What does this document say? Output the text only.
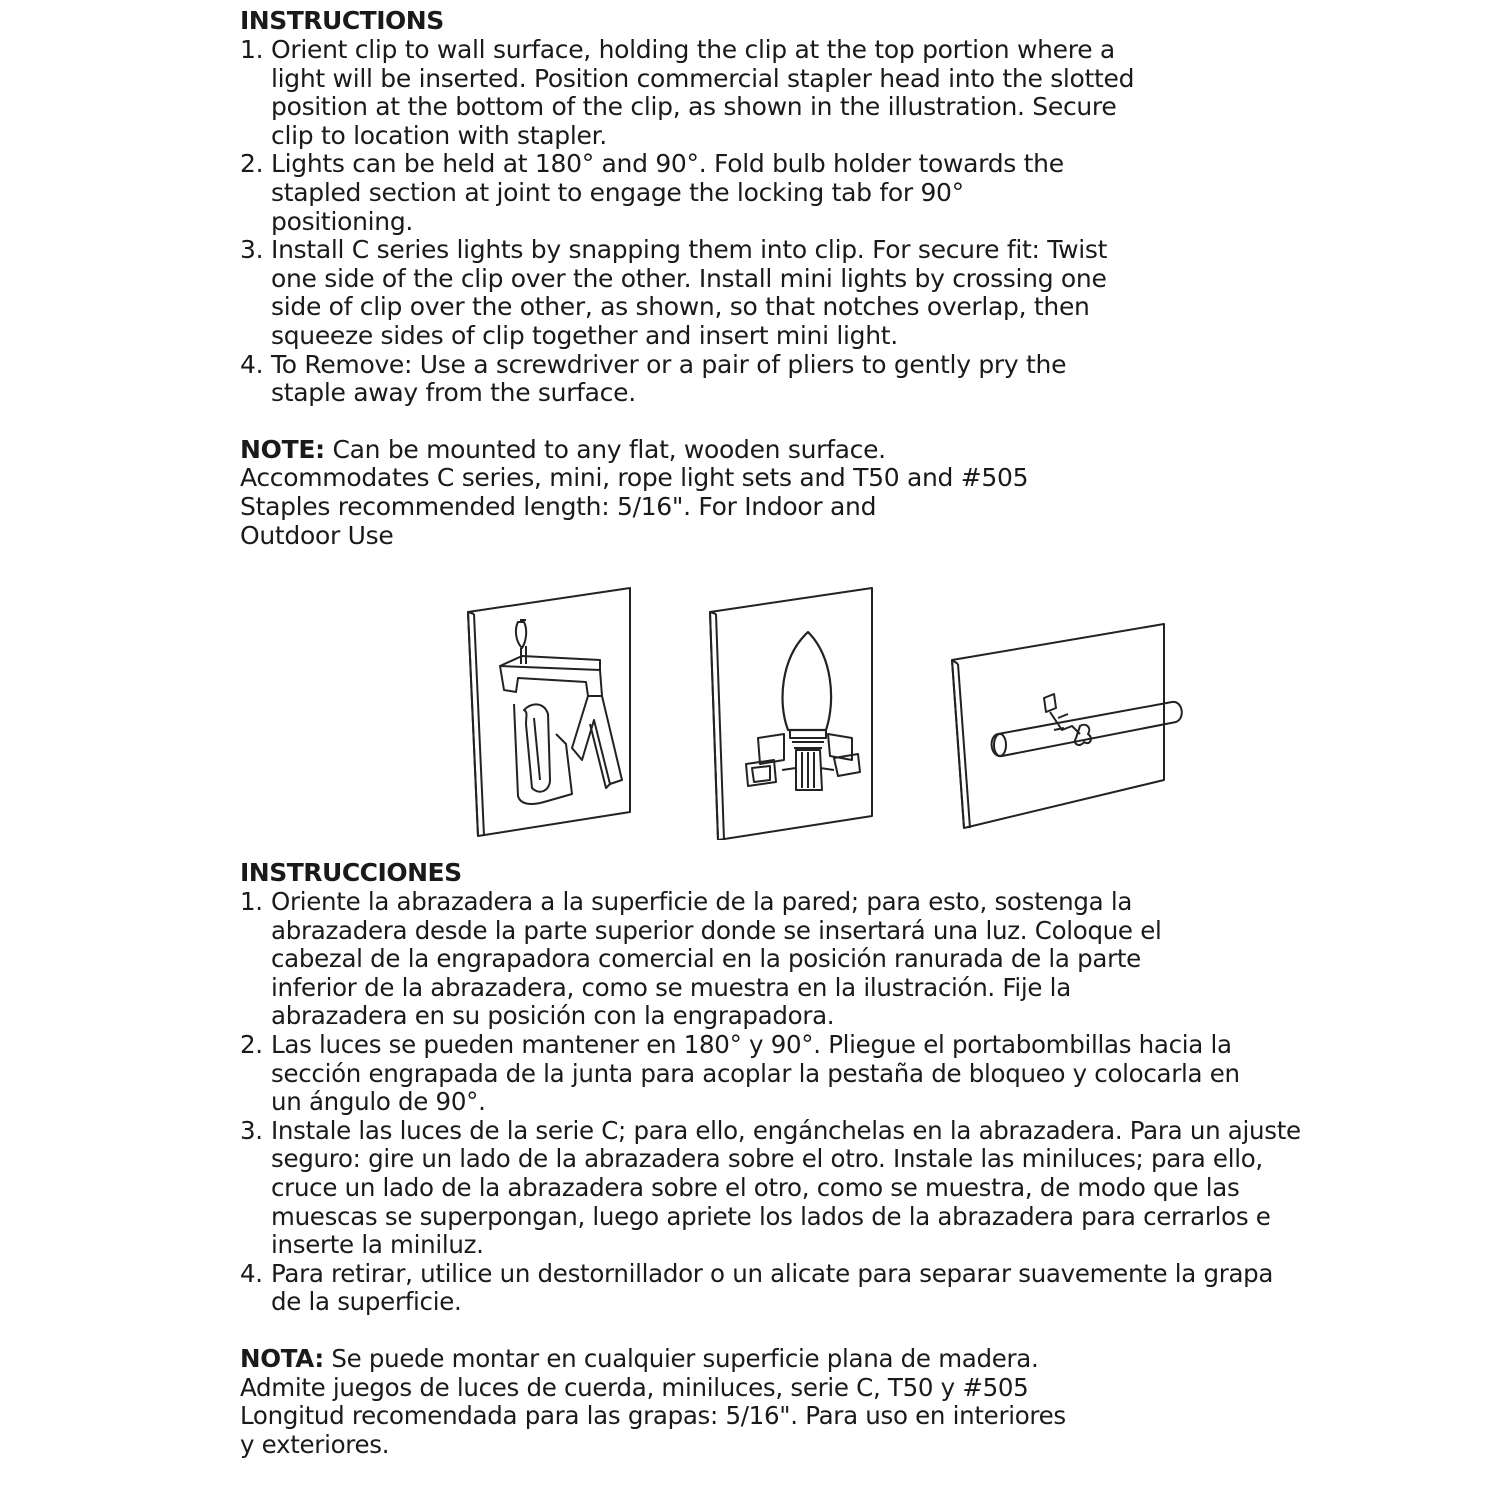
INSTRUCTIONS

1. Orient clip to wall surface, holding the clip at the top portion where a light will be inserted. Position commercial stapler head into the slotted position at the bottom of the clip, as shown in the illustration. Secure clip to location with stapler.

2. Lights can be held at 180° and 90°. Fold bulb holder towards the stapled section at joint to engage the locking tab for 90° positioning.

3. Install C series lights by snapping them into clip. For secure fit: Twist one side of the clip over the other. Install mini lights by crossing one side of clip over the other, as shown, so that notches overlap, then squeeze sides of clip together and insert mini light.

4. To Remove: Use a screwdriver or a pair of pliers to gently pry the staple away from the surface.

NOTE: Can be mounted to any flat, wooden surface.

Accommodates C series, mini, rope light sets and T50 and #505

Staples recommended length: 5/16". For Indoor and

Outdoor Use

INSTRUCCIONES

1. Oriente la abrazadera a la superficie de la pared; para esto, sostenga la abrazadera desde la parte superior donde se insertará una luz. Coloque el cabezal de la engrapadora comercial en la posición ranurada de la parte inferior de la abrazadera, como se muestra en la ilustración. Fije la abrazadera en su posición con la engrapadora.

2. Las luces se pueden mantener en 180° y 90°. Pliegue el portabombillas hacia la sección engrapada de la junta para acoplar la pestaña de bloqueo y colocarla en un ángulo de 90°.

3. Instale las luces de la serie C; para ello, engánchelas en la abrazadera. Para un ajuste seguro: gire un lado de la abrazadera sobre el otro. Instale las miniluces; para ello, cruce un lado de la abrazadera sobre el otro, como se muestra, de modo que las muescas se superpongan, luego apriete los lados de la abrazadera para cerrarlos e inserte la miniluz.

4. Para retirar, utilice un destornillador o un alicate para separar suavemente la grapa de la superficie.

NOTA: Se puede montar en cualquier superficie plana de madera.

Admite juegos de luces de cuerda, miniluces, serie C, T50 y #505

Longitud recomendada para las grapas: 5/16". Para uso en interiores

y exteriores.
